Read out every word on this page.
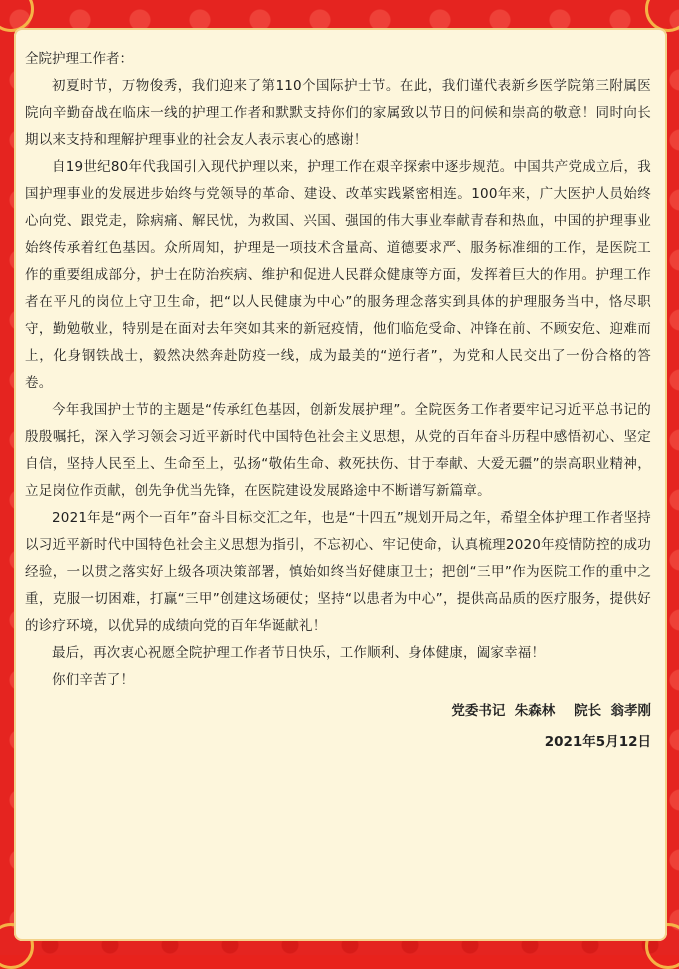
全院护理工作者：

初夏时节，万物俊秀，我们迎来了第110个国际护士节。在此，我们谨代表新乡医学院第三附属医院向辛勤奋战在临床一线的护理工作者和默默支持你们的家属致以节日的问候和崇高的敬意！同时向长期以来支持和理解护理事业的社会友人表示衷心的感谢！

自19世纪80年代我国引入现代护理以来，护理工作在艰辛探索中逐步规范。中国共产党成立后，我国护理事业的发展进步始终与党领导的革命、建设、改革实践紧密相连。100年来，广大医护人员始终心向党、跟党走，除病痛、解民忧，为救国、兴国、强国的伟大事业奉献青春和热血，中国的护理事业始终传承着红色基因。众所周知，护理是一项技术含量高、道德要求严、服务标准细的工作，是医院工作的重要组成部分，护士在防治疾病、维护和促进人民群众健康等方面，发挥着巨大的作用。护理工作者在平凡的岗位上守卫生命，把“以人民健康为中心”的服务理念落实到具体的护理服务当中，恪尽职守，勤勉敬业，特别是在面对去年突如其来的新冠疫情，他们临危受命、冲锋在前、不顾安危、迎难而上，化身钢铁战士，毅然决然奔赴防疫一线，成为最美的“逆行者”，为党和人民交出了一份合格的答卷。

今年我国护士节的主题是“传承红色基因，创新发展护理”。全院医务工作者要牢记习近平总书记的殷殷嘱托，深入学习领会习近平新时代中国特色社会主义思想，从党的百年奋斗历程中感悟初心、坚定自信，坚持人民至上、生命至上，弘扬“敬佑生命、救死扶伤、甘于奉献、大爱无疆”的崇高职业精神，立足岗位作贡献，创先争优当先锋，在医院建设发展路途中不断谱写新篇章。

2021年是“两个一百年”奋斗目标交汇之年，也是“十四五”规划开局之年，希望全体护理工作者坚持以习近平新时代中国特色社会主义思想为指引，不忘初心、牢记使命，认真梳理2020年疫情防控的成功经验，一以贯之落实好上级各项决策部署，慎始如终当好健康卫士；把创“三甲”作为医院工作的重中之重，克服一切困难，打赢“三甲”创建这场硬仗；坚持“以患者为中心”，提供高品质的医疗服务，提供好的诊疗环境，以优异的成绩向党的百年华诞献礼！

最后，再次衷心祝愿全院护理工作者节日快乐，工作顺利、身体健康，阖家幸福！

你们辛苦了！

党委书记  朱森林    院长  翁孝刚

2021年5月12日
